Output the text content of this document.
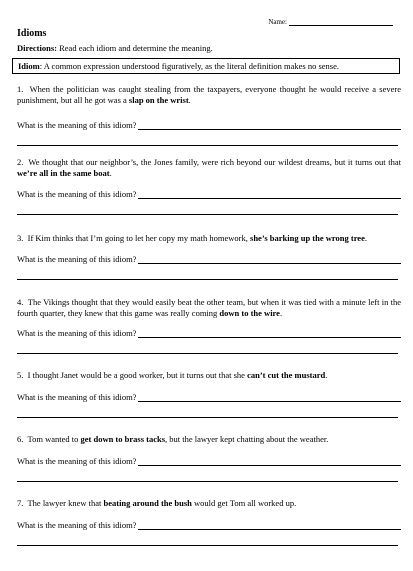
Name:
Idioms
Directions: Read each idiom and determine the meaning.
Idiom: A common expression understood figuratively, as the literal definition makes no sense.
1. When the politician was caught stealing from the taxpayers, everyone thought he would receive a severe punishment, but all he got was a slap on the wrist.
What is the meaning of this idiom?
2. We thought that our neighbor’s, the Jones family, were rich beyond our wildest dreams, but it turns out that we’re all in the same boat.
What is the meaning of this idiom?
3. If Kim thinks that I’m going to let her copy my math homework, she’s barking up the wrong tree.
What is the meaning of this idiom?
4. The Vikings thought that they would easily beat the other team, but when it was tied with a minute left in the fourth quarter, they knew that this game was really coming down to the wire.
What is the meaning of this idiom?
5. I thought Janet would be a good worker, but it turns out that she can’t cut the mustard.
What is the meaning of this idiom?
6. Tom wanted to get down to brass tacks, but the lawyer kept chatting about the weather.
What is the meaning of this idiom?
7. The lawyer knew that beating around the bush would get Tom all worked up.
What is the meaning of this idiom?
